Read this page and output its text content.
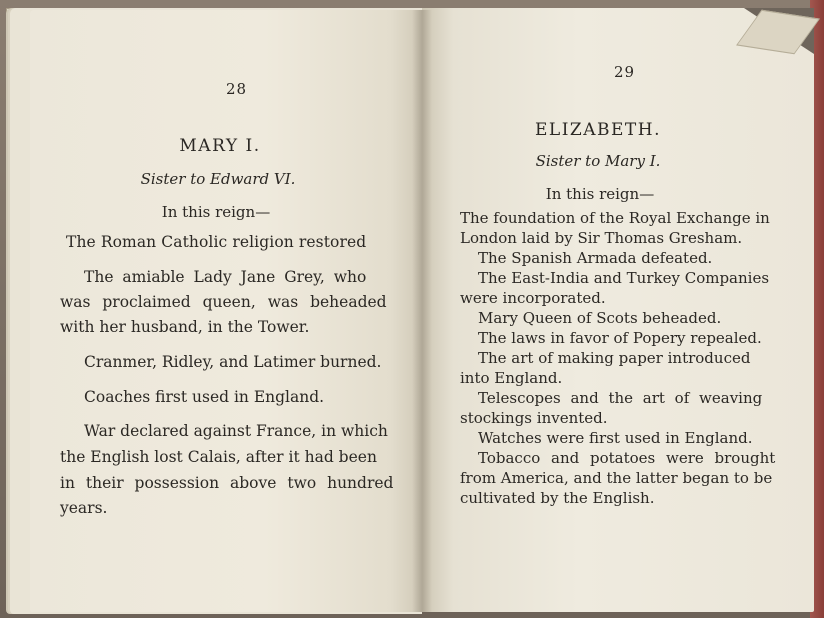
28
MARY I.
Sister to Edward VI.
In this reign—
The Roman Catholic religion restored
The amiable Lady Jane Grey, who
was proclaimed queen, was beheaded
with her husband, in the Tower.
Cranmer, Ridley, and Latimer burned.
Coaches first used in England.
War declared against France, in which
the English lost Calais, after it had been
in their possession above two hundred
years.
29
ELIZABETH.
Sister to Mary I.
In this reign—
The foundation of the Royal Exchange in
London laid by Sir Thomas Gresham.
The Spanish Armada defeated.
The East-India and Turkey Companies
were incorporated.
Mary Queen of Scots beheaded.
The laws in favor of Popery repealed.
The art of making paper introduced
into England.
Telescopes and the art of weaving
stockings invented.
Watches were first used in England.
Tobacco and potatoes were brought
from America, and the latter began to be
cultivated by the English.
